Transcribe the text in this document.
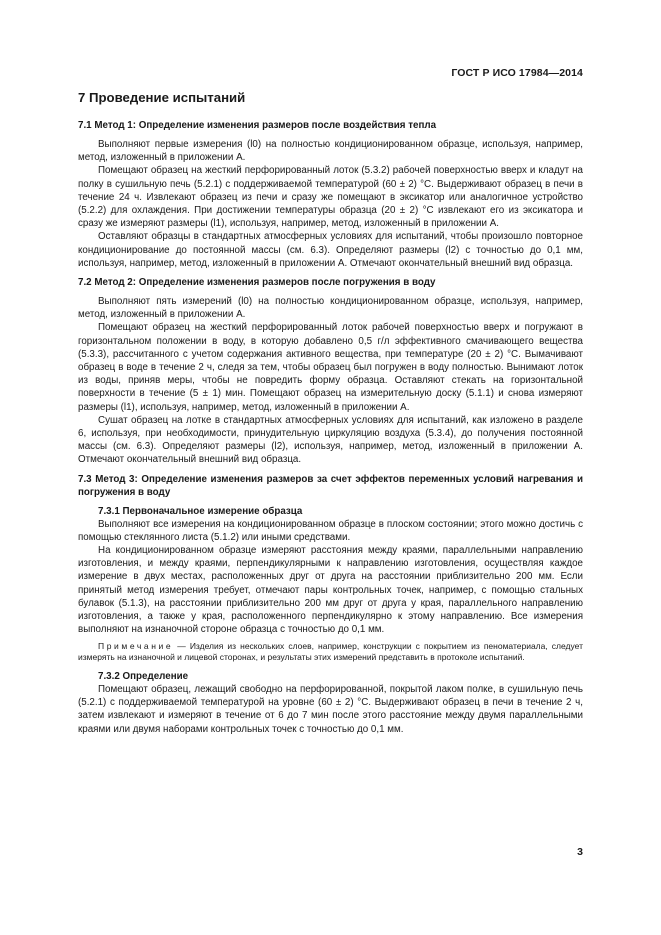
ГОСТ Р ИСО 17984—2014
7 Проведение испытаний
7.1 Метод 1: Определение изменения размеров после воздействия тепла

Выполняют первые измерения (l0) на полностью кондиционированном образце, используя, например, метод, изложенный в приложении А.

Помещают образец на жесткий перфорированный лоток (5.3.2) рабочей поверхностью вверх и кладут на полку в сушильную печь (5.2.1) с поддерживаемой температурой (60 ± 2) °С. Выдерживают образец в печи в течение 24 ч. Извлекают образец из печи и сразу же помещают в эксикатор или аналогичное устройство (5.2.2) для охлаждения. При достижении температуры образца (20 ± 2) °С извлекают его из эксикатора и сразу же измеряют размеры (l1), используя, например, метод, изложенный в приложении А.

Оставляют образцы в стандартных атмосферных условиях для испытаний, чтобы произошло повторное кондиционирование до постоянной массы (см. 6.3). Определяют размеры (l2) с точностью до 0,1 мм, используя, например, метод, изложенный в приложении А. Отмечают окончательный внешний вид образца.

7.2 Метод 2: Определение изменения размеров после погружения в воду

Выполняют пять измерений (l0) на полностью кондиционированном образце, используя, например, метод, изложенный в приложении А.

Помещают образец на жесткий перфорированный лоток рабочей поверхностью вверх и погружают в горизонтальном положении в воду, в которую добавлено 0,5 г/л эффективного смачивающего вещества (5.3.3), рассчитанного с учетом содержания активного вещества, при температуре (20 ± 2) °С. Вымачивают образец в воде в течение 2 ч, следя за тем, чтобы образец был погружен в воду полностью. Вынимают лоток из воды, приняв меры, чтобы не повредить форму образца. Оставляют стекать на горизонтальной поверхности в течение (5 ± 1) мин. Помещают образец на измерительную доску (5.1.1) и снова измеряют размеры (l1), используя, например, метод, изложенный в приложении А.

Сушат образец на лотке в стандартных атмосферных условиях для испытаний, как изложено в разделе 6, используя, при необходимости, принудительную циркуляцию воздуха (5.3.4), до получения постоянной массы (см. 6.3). Определяют размеры (l2), используя, например, метод, изложенный в приложении А. Отмечают окончательный внешний вид образца.

7.3 Метод 3: Определение изменения размеров за счет эффектов переменных условий нагревания и погружения в воду
7.3.1 Первоначальное измерение образца

Выполняют все измерения на кондиционированном образце в плоском состоянии; этого можно достичь с помощью стеклянного листа (5.1.2) или иными средствами.

На кондиционированном образце измеряют расстояния между краями, параллельными направлению изготовления, и между краями, перпендикулярными к направлению изготовления, осуществляя каждое измерение в двух местах, расположенных друг от друга на расстоянии приблизительно 200 мм. Если принятый метод измерения требует, отмечают пары контрольных точек, например, с помощью стальных булавок (5.1.3), на расстоянии приблизительно 200 мм друг от друга у края, параллельного направлению изготовления, а также у края, расположенного перпендикулярно к этому направлению. Все измерения выполняют на изнаночной стороне образца с точностью до 0,1 мм.

Примечание — Изделия из нескольких слоев, например, конструкции с покрытием из пеноматериала, следует измерять на изнаночной и лицевой сторонах, и результаты этих измерений представить в протоколе испытаний.
7.3.2 Определение

Помещают образец, лежащий свободно на перфорированной, покрытой лаком полке, в сушильную печь (5.2.1) с поддерживаемой температурой на уровне (60 ± 2) °С. Выдерживают образец в печи в течение 2 ч, затем извлекают и измеряют в течение от 6 до 7 мин после этого расстояние между двумя параллельными краями или двумя наборами контрольных точек с точностью до 0,1 мм.

3
